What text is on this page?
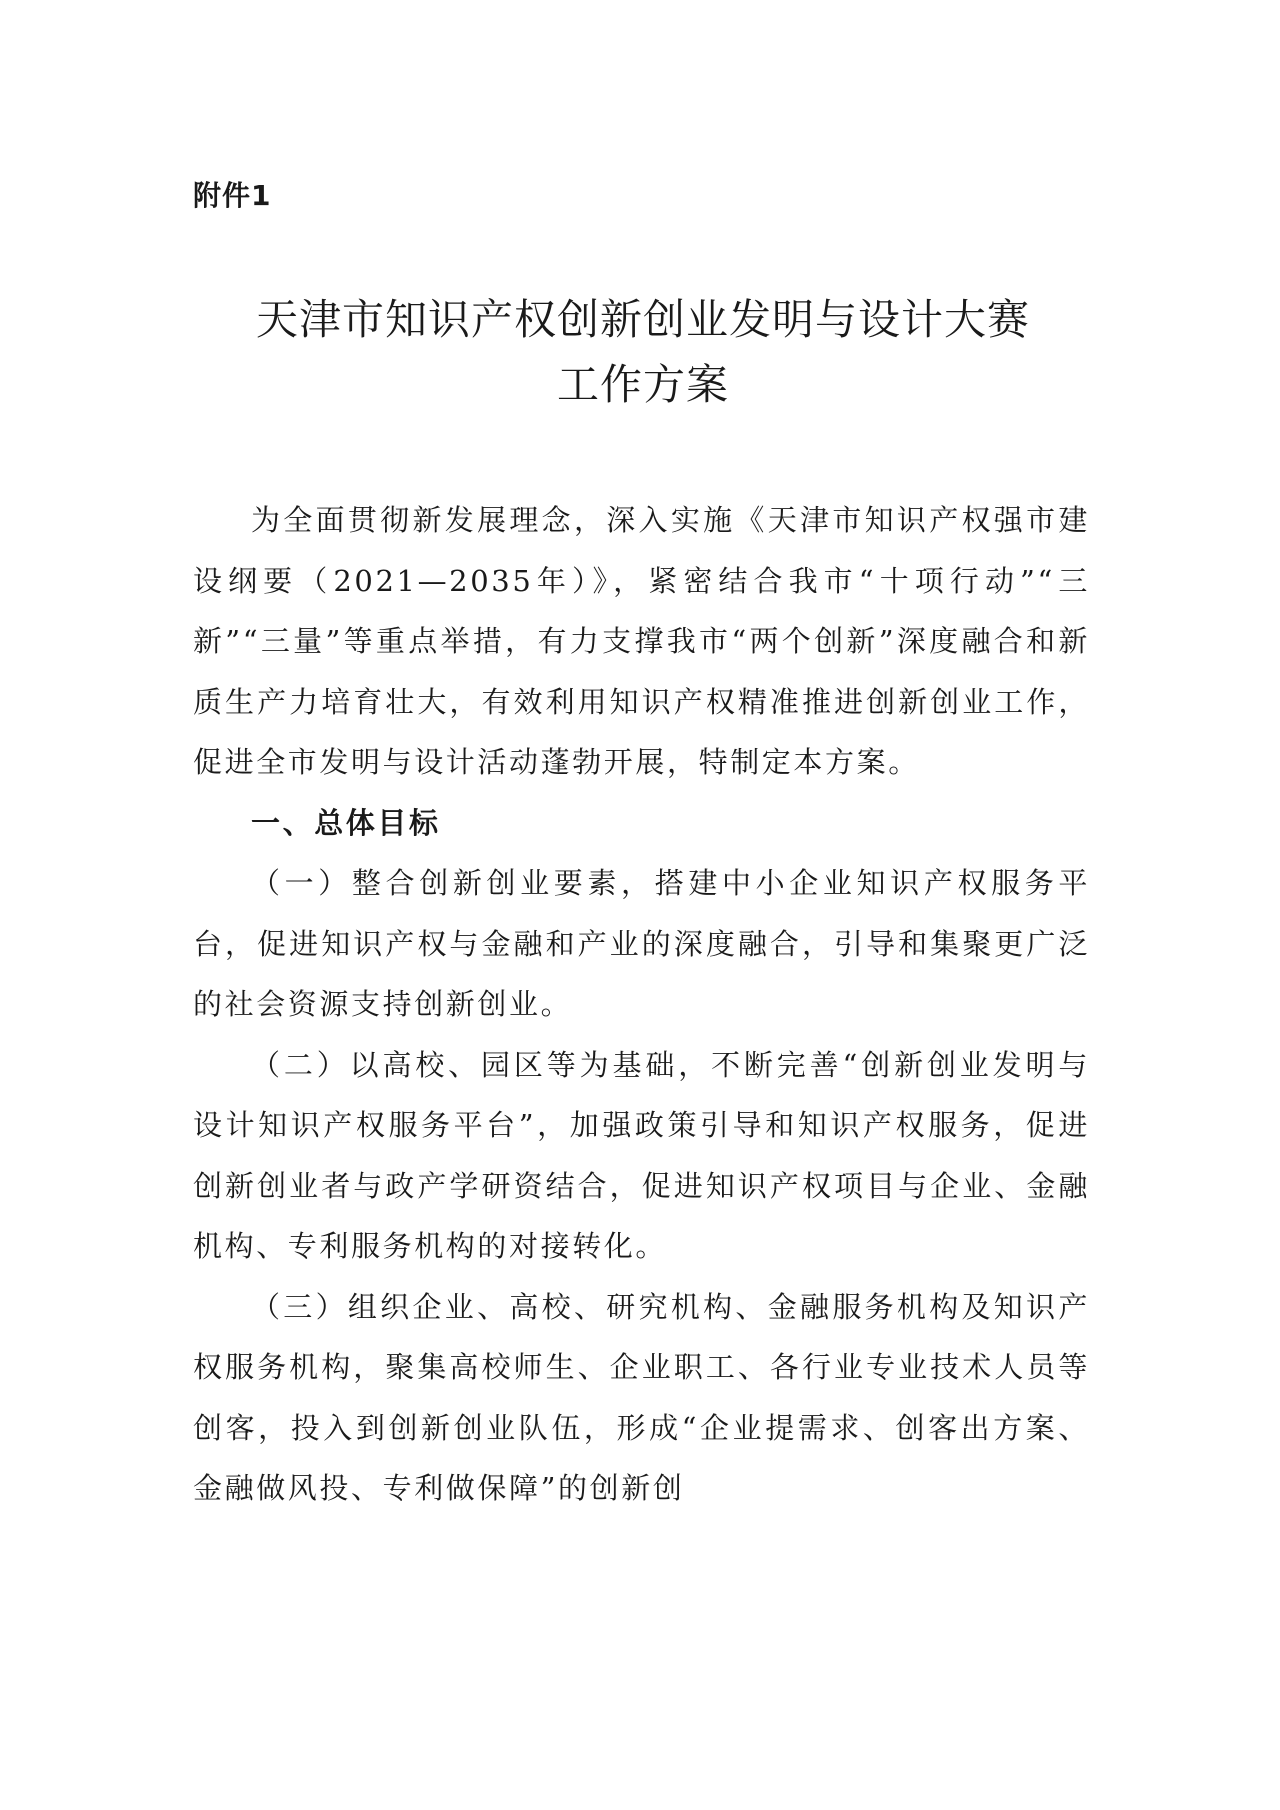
附件1
天津市知识产权创新创业发明与设计大赛
工作方案

为全面贯彻新发展理念，深入实施《天津市知识产权强市建设纲要（2021—2035年）》，紧密结合我市“十项行动”“三新”“三量”等重点举措，有力支撑我市“两个创新”深度融合和新质生产力培育壮大，有效利用知识产权精准推进创新创业工作，促进全市发明与设计活动蓬勃开展，特制定本方案。

一、总体目标

（一）整合创新创业要素，搭建中小企业知识产权服务平台，促进知识产权与金融和产业的深度融合，引导和集聚更广泛的社会资源支持创新创业。

（二）以高校、园区等为基础，不断完善“创新创业发明与设计知识产权服务平台”，加强政策引导和知识产权服务，促进创新创业者与政产学研资结合，促进知识产权项目与企业、金融机构、专利服务机构的对接转化。

（三）组织企业、高校、研究机构、金融服务机构及知识产权服务机构，聚集高校师生、企业职工、各行业专业技术人员等创客，投入到创新创业队伍，形成“企业提需求、创客出方案、金融做风投、专利做保障”的创新创
